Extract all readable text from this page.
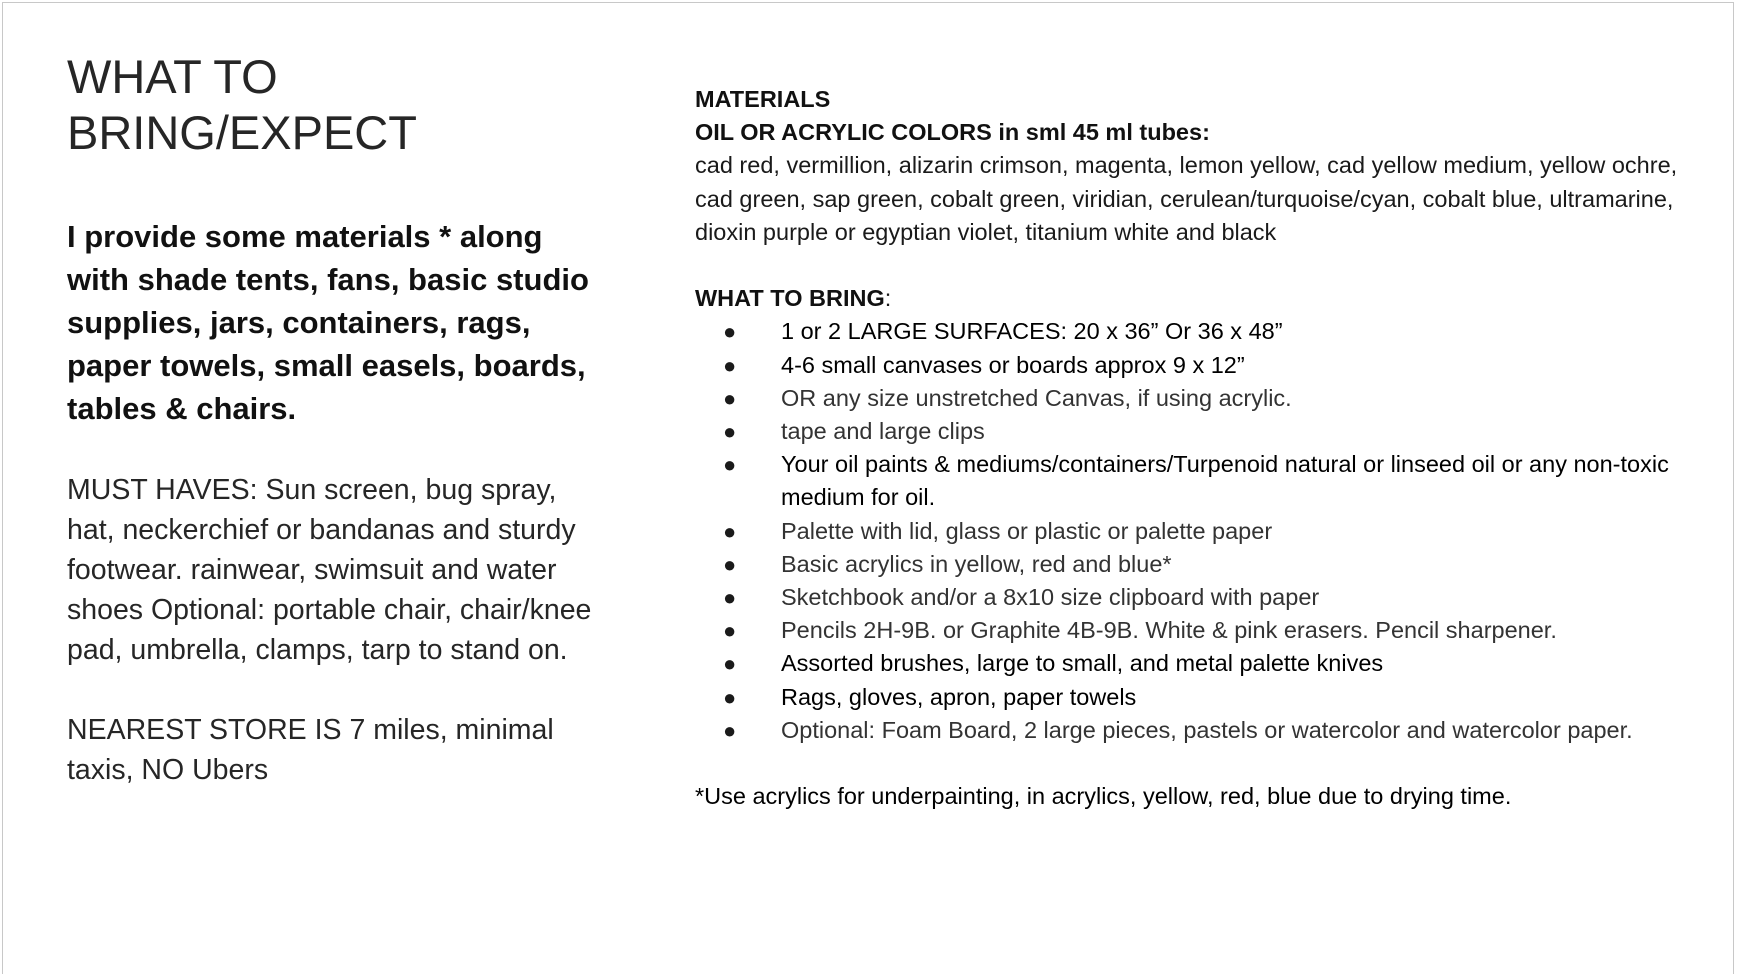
WHAT TO BRING/EXPECT
I provide some materials * along with shade tents, fans, basic studio supplies, jars, containers, rags, paper towels, small easels, boards, tables & chairs.
MUST HAVES: Sun screen, bug spray, hat, neckerchief or bandanas and sturdy footwear. rainwear, swimsuit and water shoes Optional: portable chair, chair/knee pad, umbrella, clamps, tarp to stand on.
NEAREST STORE IS 7 miles, minimal taxis, NO Ubers
MATERIALS
OIL OR ACRYLIC COLORS in sml 45 ml tubes:
cad red, vermillion, alizarin crimson, magenta, lemon yellow, cad yellow medium, yellow ochre, cad green, sap green, cobalt green, viridian, cerulean/turquoise/cyan, cobalt blue, ultramarine, dioxin purple or egyptian violet, titanium white and black
WHAT TO BRING:
● 1 or 2 LARGE SURFACES: 20 x 36” Or 36 x 48”
● 4-6 small canvases or boards approx 9 x 12”
● OR any size unstretched Canvas, if using acrylic.
● tape and large clips
● Your oil paints & mediums/containers/Turpenoid natural or linseed oil or any non-toxic medium for oil.
● Palette with lid, glass or plastic or palette paper
● Basic acrylics in yellow, red and blue*
● Sketchbook and/or a 8x10 size clipboard with paper
● Pencils 2H-9B. or Graphite 4B-9B. White & pink erasers. Pencil sharpener.
● Assorted brushes, large to small, and metal palette knives
● Rags, gloves, apron, paper towels
● Optional: Foam Board, 2 large pieces, pastels or watercolor and watercolor paper.
*Use acrylics for underpainting, in acrylics, yellow, red, blue due to drying time.
